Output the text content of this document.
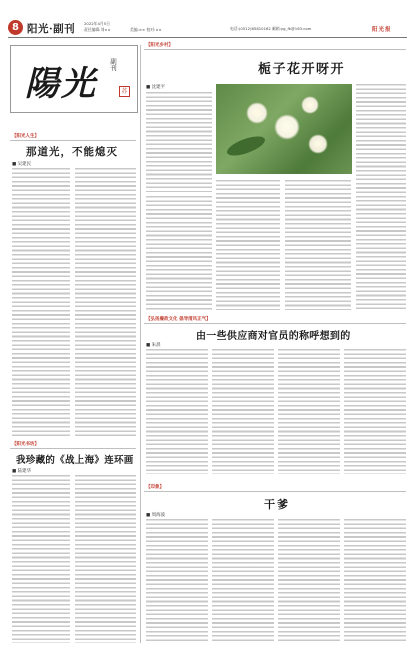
8 阳光·副刊 2022年4月5日
责任编辑:刘××	美编:×× 校对:××	电话:(0512)65810162 邮箱:yg_fk@163.com	阳光报
陽光 副刊
苏
【阳光人生】
那道光，不能熄灭
■ 吴建民
【阳光书坊】
我珍藏的《战上海》连环画
■ 陆建华
【阳光乡村】
栀子花开呀开
■ 沈建平
【弘扬廉政文化 倡导清风正气】
由一些供应商对官员的称呼想到的
■ 朱晨
【印象】
干爹
■ 周海波
